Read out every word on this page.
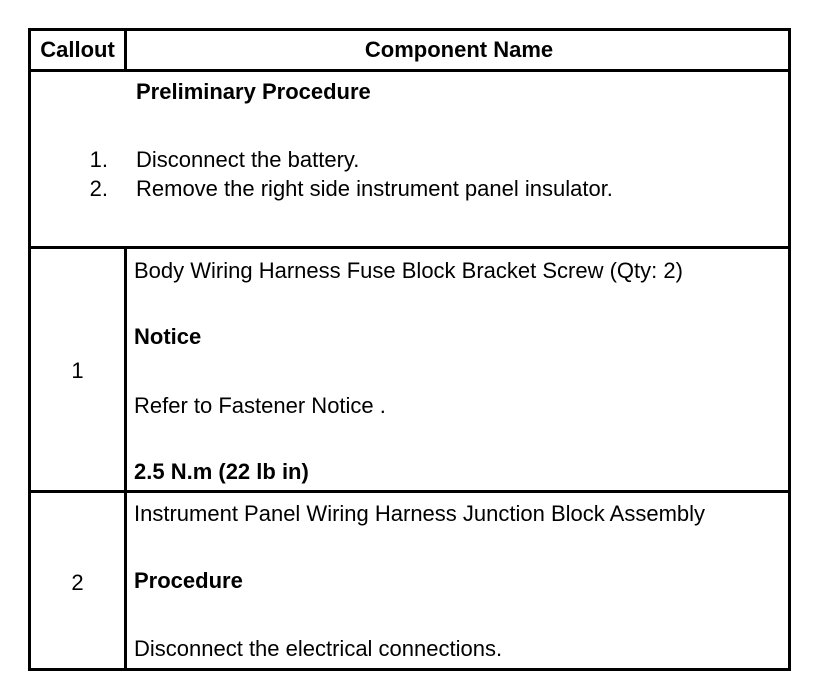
Callout	Component Name
Preliminary Procedure
1. Disconnect the battery.
2. Remove the right side instrument panel insulator.
1
Body Wiring Harness Fuse Block Bracket Screw (Qty: 2)
Notice
Refer to Fastener Notice .
2.5 N.m (22 lb in)
2
Instrument Panel Wiring Harness Junction Block Assembly
Procedure
Disconnect the electrical connections.
